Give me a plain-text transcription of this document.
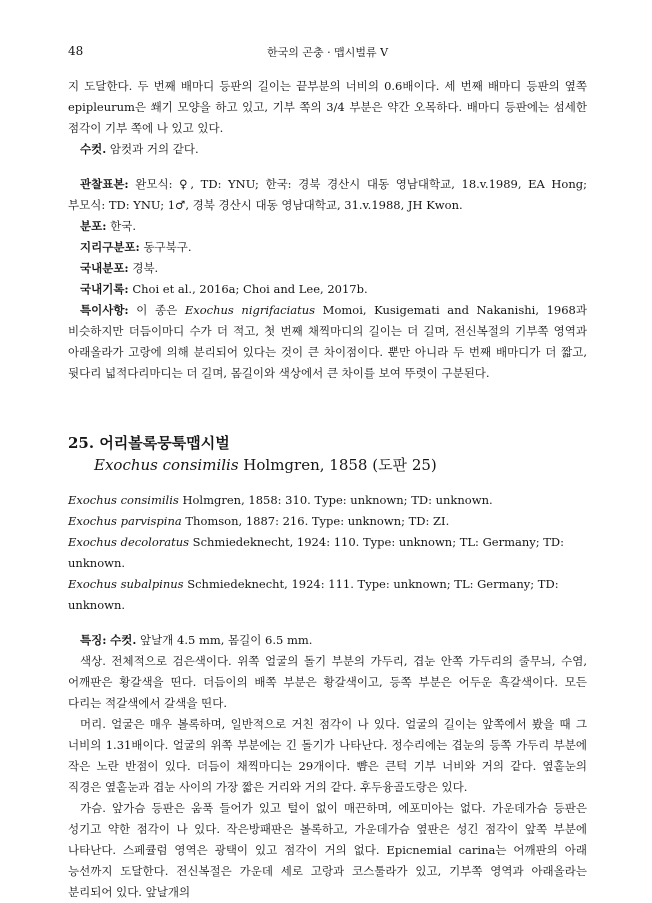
48	한국의 곤충 · 맵시벌류 V

지 도달한다. 두 번째 배마디 등판의 길이는 끝부분의 너비의 0.6배이다. 세 번째 배마디 등판의 옆쪽 epipleurum은 쐐기 모양을 하고 있고, 기부 쪽의 3/4 부분은 약간 오목하다. 배마디 등판에는 섬세한 점각이 기부 쪽에 나 있고 있다.

수컷. 암컷과 거의 같다.

관찰표본: 완모식: ♀, TD: YNU; 한국: 경북 경산시 대동 영남대학교, 18.v.1989, EA Hong; 부모식: TD: YNU; 1♂, 경북 경산시 대동 영남대학교, 31.v.1988, JH Kwon.

분포: 한국.

지리구분포: 동구북구.

국내분포: 경북.

국내기록: Choi et al., 2016a; Choi and Lee, 2017b.

특이사항: 이 종은 Exochus nigrifaciatus Momoi, Kusigemati and Nakanishi, 1968과 비슷하지만 더듬이마디 수가 더 적고, 첫 번째 채찍마디의 길이는 더 길며, 전신복절의 기부쪽 영역과 아래올라가 고랑에 의해 분리되어 있다는 것이 큰 차이점이다. 뿐만 아니라 두 번째 배마디가 더 짧고, 뒷다리 넓적다리마디는 더 길며, 몸길이와 색상에서 큰 차이를 보여 뚜렷이 구분된다.

25. 어리볼록뭉툭맵시벌
Exochus consimilis Holmgren, 1858 (도판 25)

Exochus consimilis Holmgren, 1858: 310. Type: unknown; TD: unknown.

Exochus parvispina Thomson, 1887: 216. Type: unknown; TD: ZI.

Exochus decoloratus Schmiedeknecht, 1924: 110. Type: unknown; TL: Germany; TD: unknown.

Exochus subalpinus Schmiedeknecht, 1924: 111. Type: unknown; TL: Germany; TD: unknown.

특징: 수컷. 앞날개 4.5 mm, 몸길이 6.5 mm.

색상. 전체적으로 검은색이다. 위쪽 얼굴의 돌기 부분의 가두리, 겹눈 안쪽 가두리의 줄무늬, 수염, 어깨판은 황갈색을 띤다. 더듬이의 배쪽 부분은 황갈색이고, 등쪽 부분은 어두운 흑갈색이다. 모든 다리는 적갈색에서 갈색을 띤다.

머리. 얼굴은 매우 볼록하며, 일반적으로 거친 점각이 나 있다. 얼굴의 길이는 앞쪽에서 봤을 때 그 너비의 1.31배이다. 얼굴의 위쪽 부분에는 긴 돌기가 나타난다. 정수리에는 겹눈의 등쪽 가두리 부분에 작은 노란 반점이 있다. 더듬이 채찍마디는 29개이다. 뺨은 큰턱 기부 너비와 거의 같다. 옆홑눈의 직경은 옆홑눈과 겹눈 사이의 가장 짧은 거리와 거의 같다. 후두융골도랑은 있다.

가슴. 앞가슴 등판은 움푹 들어가 있고 털이 없이 매끈하며, 에포미아는 없다. 가운데가슴 등판은 성기고 약한 점각이 나 있다. 작은방패판은 볼록하고, 가운데가슴 옆판은 성긴 점각이 앞쪽 부분에 나타난다. 스페큘럼 영역은 광택이 있고 점각이 거의 없다. Epicnemial carina는 어깨판의 아래 능선까지 도달한다. 전신복절은 가운데 세로 고랑과 코스툴라가 있고, 기부쪽 영역과 아래올라는 분리되어 있다. 앞날개의
